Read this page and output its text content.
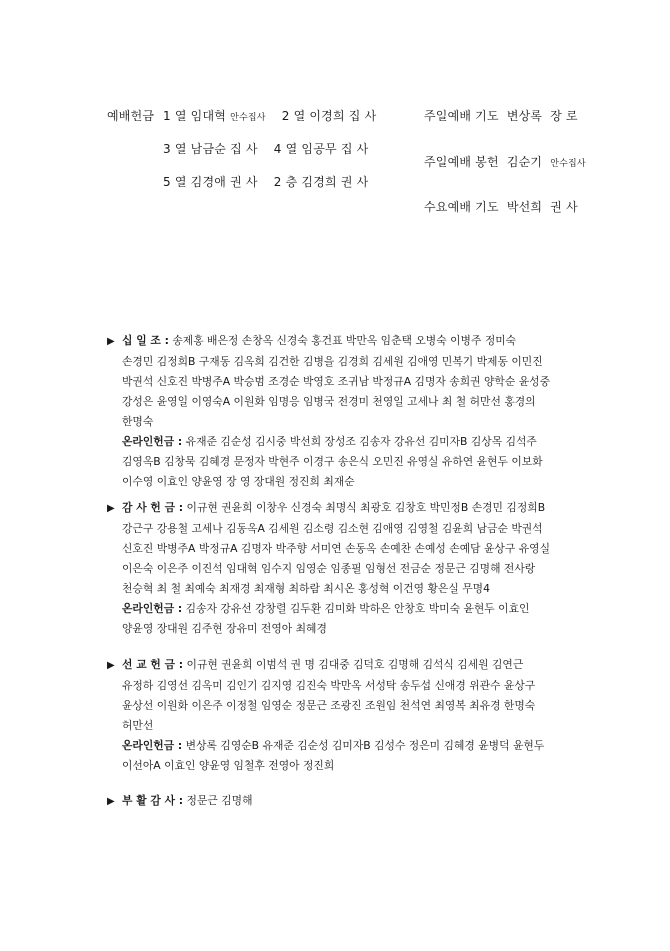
예배헌금 1 열 임대혁 안수집사 2 열 이경희 집 사
3 열 남금순 집 사 4 열 임공무 집 사
5 열 김경애 권 사 2 층 김경희 권 사
주일예배 기도 변상록 장 로
주일예배 봉헌 김순기 안수집사
수요예배 기도 박선희 권 사
▶ 십 일 조 : 송제홍 배은정 손창옥 신경숙 홍건표 박만옥 임춘택 오병숙 이병주 정미숙
손경민 김정희B 구재동 김옥희 김건한 김병을 김경희 김세원 김애영 민복기 박제동 이민진
박권석 신호진 박병주A 박승범 조경순 박영호 조귀남 박정규A 김명자 송희권 양학순 윤성중
강성은 윤영일 이영숙A 이원화 임명응 임병국 전경미 천영일 고세나 최 철 허만선 홍경의
한명숙
온라인헌금 : 유재준 김순성 김시중 박선희 장성조 김송자 강유선 김미자B 김상목 김석주
김영옥B 김창묵 김혜경 문정자 박현주 이경구 송은식 오민진 유영실 유하연 윤현두 이보화
이수영 이효인 양윤영 장 영 장대원 정진희 최재순
▶ 감 사 헌 금 : 이규현 권윤희 이창우 신경숙 최명식 최광호 김창호 박민정B 손경민 김정희B
강근구 강용철 고세나 김동옥A 김세원 김소령 김소현 김애영 김영철 김윤희 남금순 박권석
신호진 박병주A 박정규A 김명자 박주향 서미연 손동옥 손예찬 손예성 손예담 윤상구 유영실
이은숙 이은주 이진석 임대혁 임수지 임영순 임종필 임형선 전금순 정문근 김명해 전사랑
천승혁 최 철 최예숙 최재경 최재형 최하람 최시온 홍성혁 이건영 황은실 무명4
온라인헌금 : 김송자 강유선 강창렬 김두환 김미화 박하은 안창호 박미숙 윤현두 이효인
양윤영 장대원 김주현 장유미 전영아 최혜경
▶ 선 교 헌 금 : 이규현 권윤희 이범석 권 명 김대중 김덕호 김명해 김석식 김세원 김연근
유정하 김영선 김옥미 김인기 김지영 김진숙 박만옥 서성탁 송두섭 신애경 위관수 윤상구
윤상선 이원화 이은주 이정철 임영순 정문근 조광진 조원임 천석연 최영복 최유경 한명숙
허만선
온라인헌금 : 변상록 김영순B 유재준 김순성 김미자B 김성수 정은미 김혜경 윤병덕 윤현두
이선아A 이효인 양윤영 임철후 전영아 정진희
▶ 부 활 감 사 : 정문근 김명해
